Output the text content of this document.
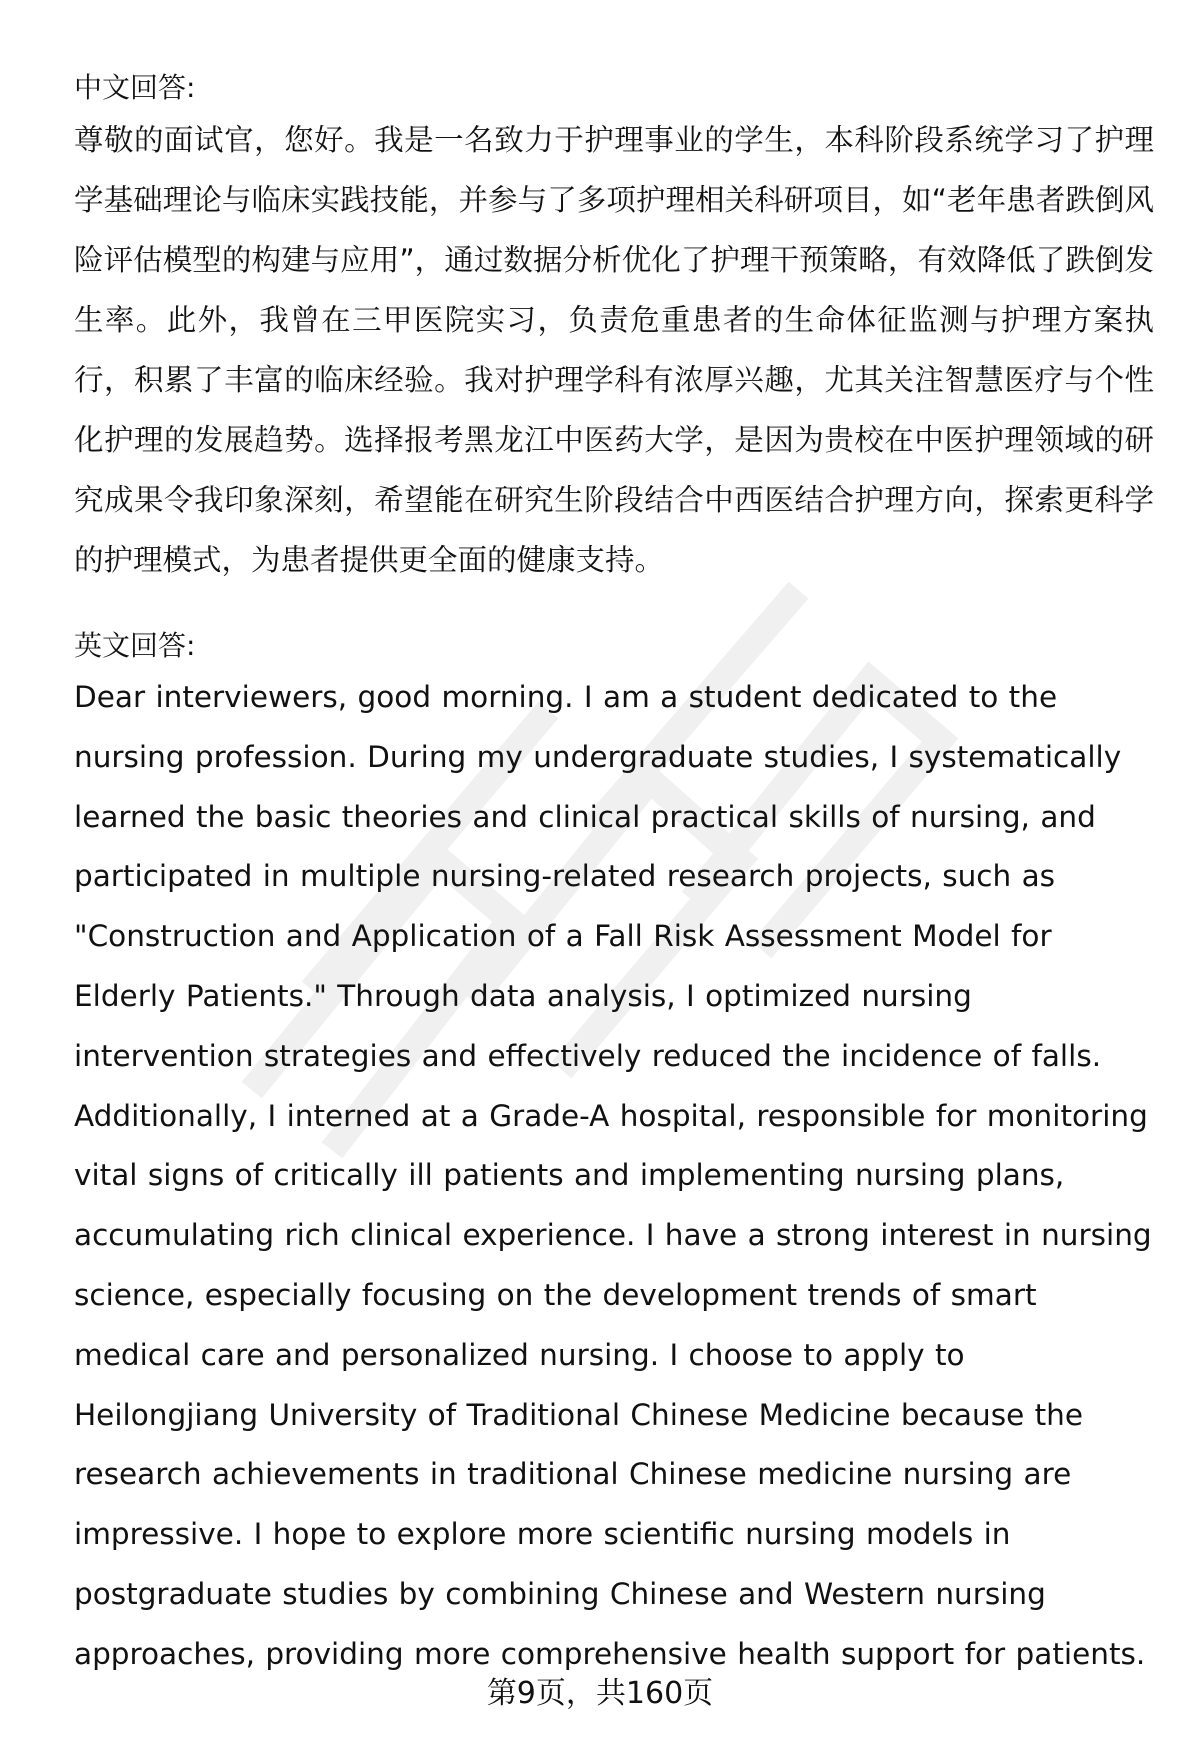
中文回答:

尊敬的面试官，您好。我是一名致力于护理事业的学生，本科阶段系统学习了护理学基础理论与临床实践技能，并参与了多项护理相关科研项目，如“老年患者跌倒风险评估模型的构建与应用”，通过数据分析优化了护理干预策略，有效降低了跌倒发生率。此外，我曾在三甲医院实习，负责危重患者的生命体征监测与护理方案执行，积累了丰富的临床经验。我对护理学科有浓厚兴趣，尤其关注智慧医疗与个性化护理的发展趋势。选择报考黑龙江中医药大学，是因为贵校在中医护理领域的研究成果令我印象深刻，希望能在研究生阶段结合中西医结合护理方向，探索更科学的护理模式，为患者提供更全面的健康支持。

英文回答:

Dear interviewers, good morning. I am a student dedicated to the nursing profession. During my undergraduate studies, I systematically learned the basic theories and clinical practical skills of nursing, and participated in multiple nursing-related research projects, such as "Construction and Application of a Fall Risk Assessment Model for Elderly Patients." Through data analysis, I optimized nursing intervention strategies and effectively reduced the incidence of falls. Additionally, I interned at a Grade-A hospital, responsible for monitoring vital signs of critically ill patients and implementing nursing plans, accumulating rich clinical experience. I have a strong interest in nursing science, especially focusing on the development trends of smart medical care and personalized nursing. I choose to apply to Heilongjiang University of Traditional Chinese Medicine because the research achievements in traditional Chinese medicine nursing are impressive. I hope to explore more scientific nursing models in postgraduate studies by combining Chinese and Western nursing approaches, providing more comprehensive health support for patients.

第9页，共160页
